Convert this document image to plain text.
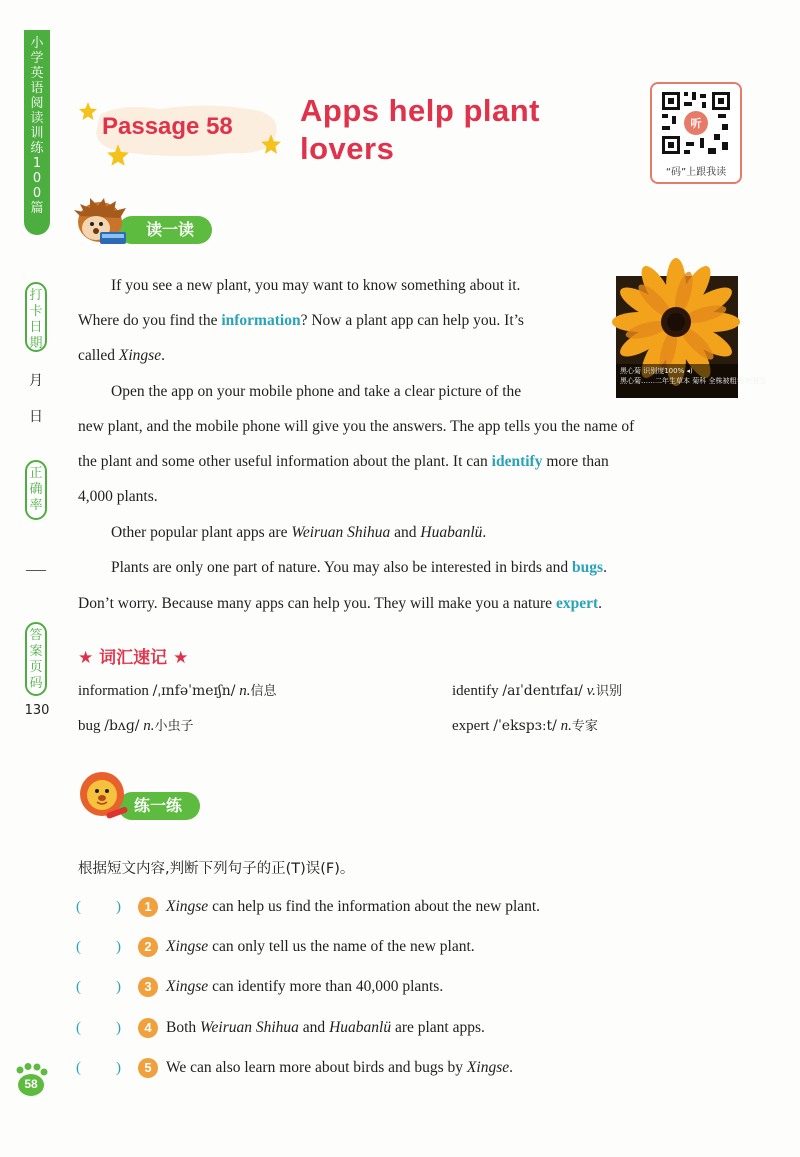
小学英语阅读训练100篇
打卡日期
月
日
正确率
答案页码
130
58
Passage 58 Apps help plant
lovers
听
“码”上跟我读
读一读
黑心菊 识别度100% ◂)
黑心菊……二年生草本 菊科 全株被粗毛 叶互生
If you see a new plant, you may want to know something about it.
Where do you find the information? Now a plant app can help you. It’s
called Xingse.
Open the app on your mobile phone and take a clear picture of the
new plant, and the mobile phone will give you the answers. The app tells you the name of
the plant and some other useful information about the plant. It can identify more than
4,000 plants.
Other popular plant apps are Weiruan Shihua and Huabanlü.
Plants are only one part of nature. You may also be interested in birds and bugs.
Don’t worry. Because many apps can help you. They will make you a nature expert.
★ 词汇速记 ★
information /ˌɪnfəˈmeɪʃn/ n.信息	identify /aɪˈdentɪfaɪ/ v.识别
bug /bʌɡ/ n.小虫子	expert /ˈekspɜːt/ n.专家
练一练
根据短文内容,判断下列句子的正(T)误(F)。
( )	1 Xingse can help us find the information about the new plant.
( )	2 Xingse can only tell us the name of the new plant.
( )	3 Xingse can identify more than 40,000 plants.
( )	4 Both Weiruan Shihua and Huabanlü are plant apps.
( )	5 We can also learn more about birds and bugs by Xingse.
